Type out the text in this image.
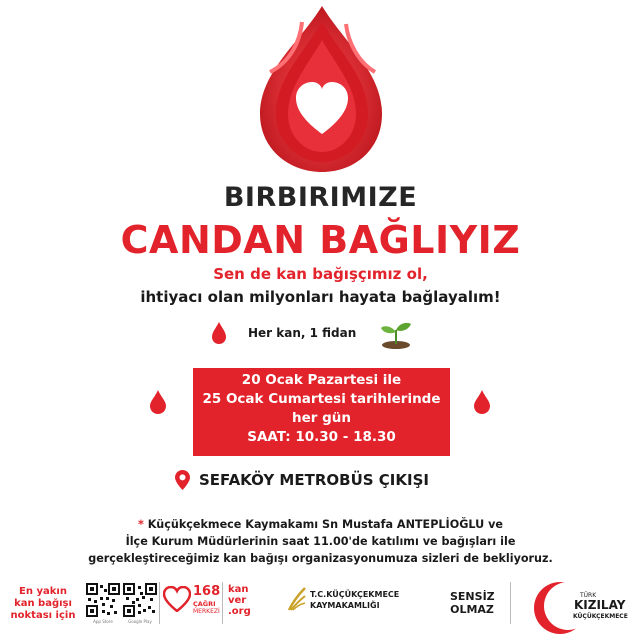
BIRBIRIMIZE
CANDAN BAĞLIYIZ
Sen de kan bağışçımız ol,
ihtiyacı olan milyonları hayata bağlayalım!
Her kan, 1 fidan
20 Ocak Pazartesi ile
25 Ocak Cumartesi tarihlerinde
her gün
SAAT: 10.30 - 18.30
SEFAKÖY METROBÜS ÇIKIŞI
* Küçükçekmece Kaymakamı Sn Mustafa ANTEPLİOĞLU ve
İlçe Kurum Müdürlerinin saat 11.00'de katılımı ve bağışları ile
gerçekleştireceğimiz kan bağışı organizasyonumuza sizleri de bekliyoruz.
En yakın kan bağışı noktası için
App Store	Google Play
168
ÇAĞRI
MERKEZİ
kan ver .org
T.C.KÜÇÜKÇEKMECE
KAYMAKAMLIĞI
SENSİZ OLMAZ
TÜRK
KIZILAY
KÜÇÜKÇEKMECE
